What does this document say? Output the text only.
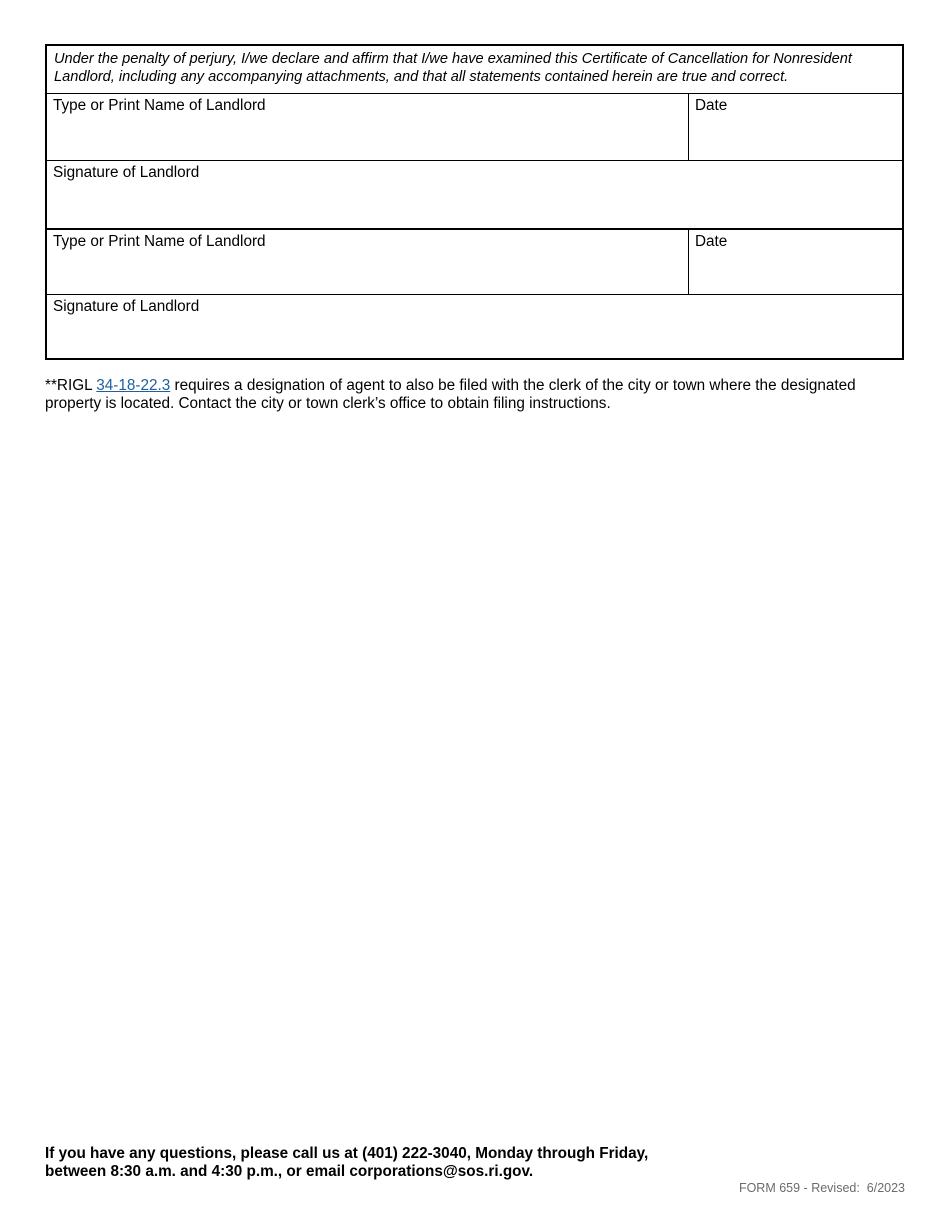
Under the penalty of perjury, I/we declare and affirm that I/we have examined this Certificate of Cancellation for Nonresident Landlord, including any accompanying attachments, and that all statements contained herein are true and correct.
Type or Print Name of Landlord	Date
Signature of Landlord
Type or Print Name of Landlord	Date
Signature of Landlord
**RIGL 34-18-22.3 requires a designation of agent to also be filed with the clerk of the city or town where the designated property is located. Contact the city or town clerk’s office to obtain filing instructions.
If you have any questions, please call us at (401) 222-3040, Monday through Friday,
between 8:30 a.m. and 4:30 p.m., or email corporations@sos.ri.gov.
FORM 659 - Revised:  6/2023
